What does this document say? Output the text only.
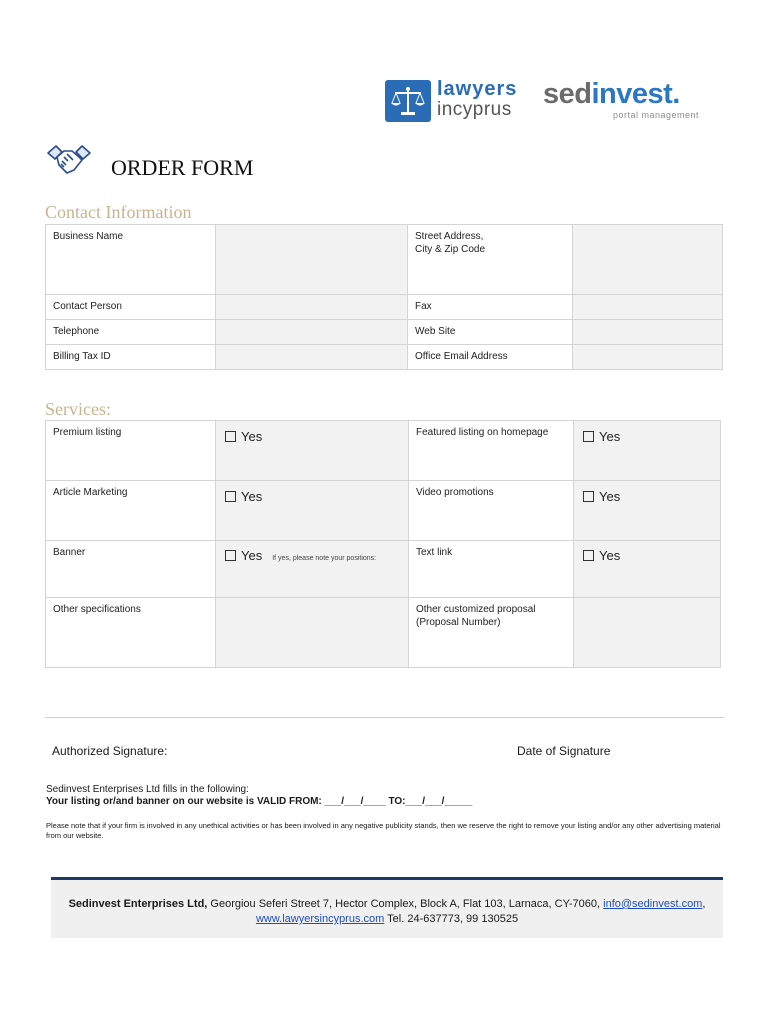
lawyers
incyprus sedinvest.
portal management
ORDER FORM
Contact Information
Business Name		Street Address,
City & Zip Code	
Contact Person		Fax	
Telephone		Web Site	
Billing Tax ID		Office Email Address	
Services:
Premium listing	Yes	Featured listing on homepage	Yes
Article Marketing	Yes	Video promotions	Yes
Banner	Yes If yes, please note your positions:	Text link	Yes
Other specifications		Other customized proposal
(Proposal Number)	
Authorized Signature:	Date of Signature
Sedinvest Enterprises Ltd fills in the following:
Your listing or/and banner on our website is VALID FROM: ___/___/____ TO:___/___/_____
Please note that if your firm is involved in any unethical activities or has been involved in any negative publicity stands, then we reserve the right to remove your listing and/or any other advertising material from our website.
Sedinvest Enterprises Ltd, Georgiou Seferi Street 7, Hector Complex, Block A, Flat 103, Larnaca, CY-7060, info@sedinvest.com,
www.lawyersincyprus.com Tel. 24-637773, 99 130525
